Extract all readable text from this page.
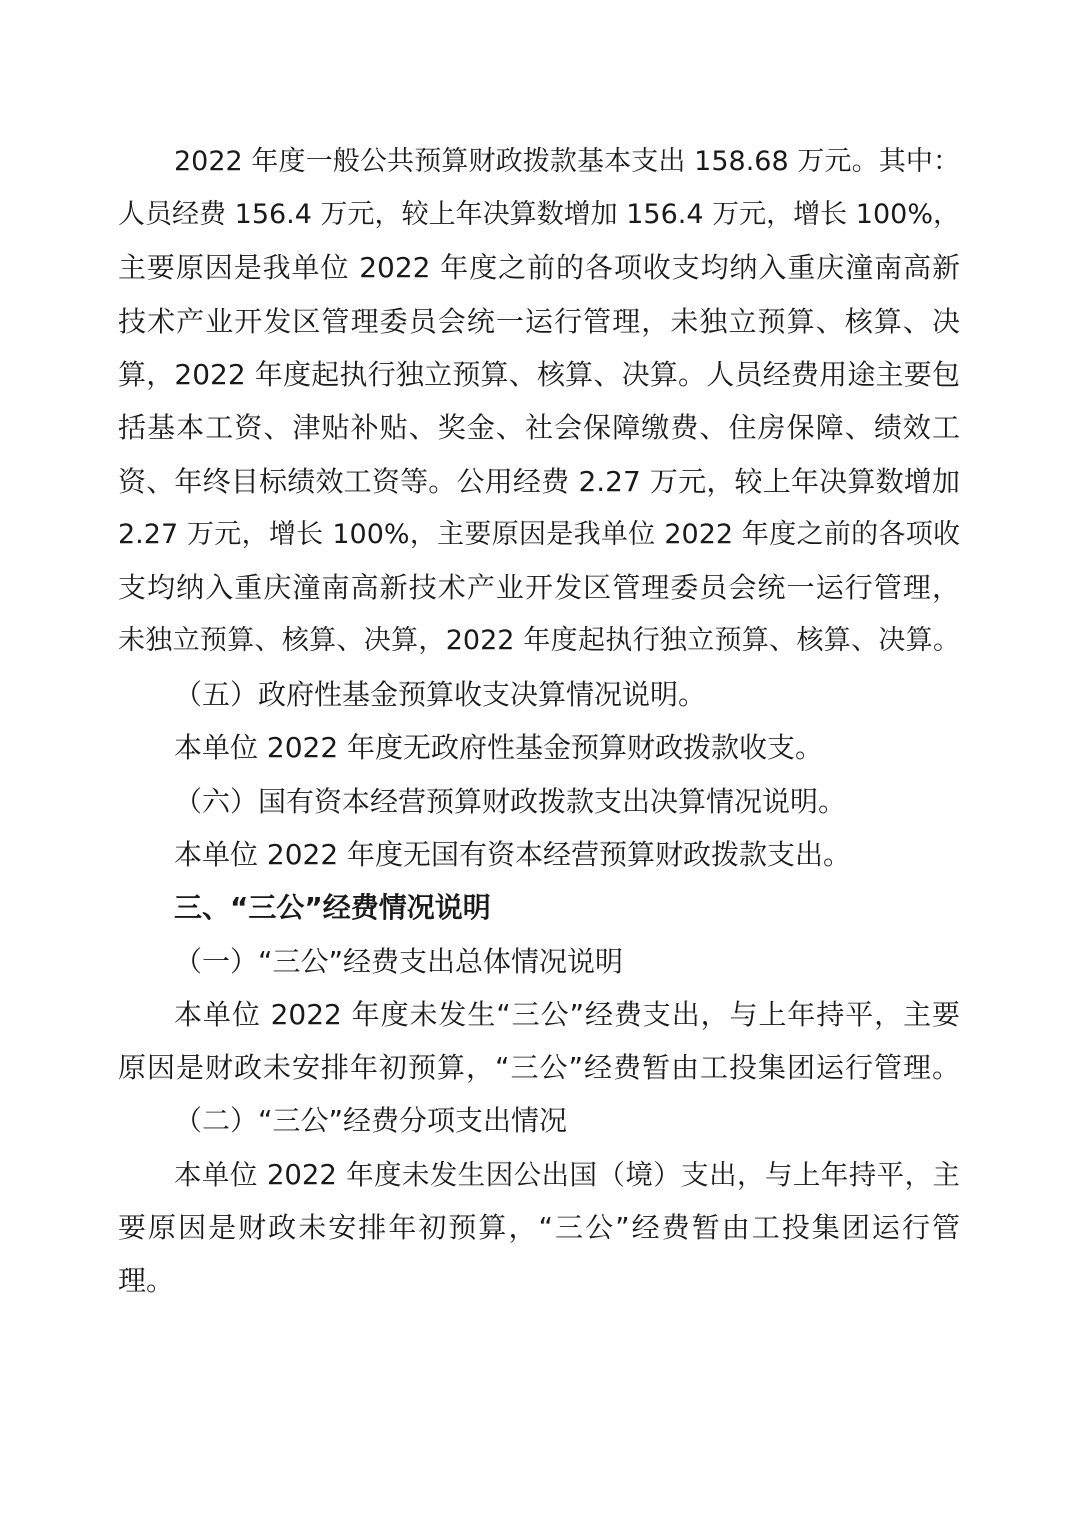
2022 年度一般公共预算财政拨款基本支出 158.68 万元。其中：
人员经费 156.4 万元，较上年决算数增加 156.4 万元，增长 100%，
主要原因是我单位 2022 年度之前的各项收支均纳入重庆潼南高新
技术产业开发区管理委员会统一运行管理，未独立预算、核算、决
算，2022 年度起执行独立预算、核算、决算。人员经费用途主要包
括基本工资、津贴补贴、奖金、社会保障缴费、住房保障、绩效工
资、年终目标绩效工资等。公用经费 2.27 万元，较上年决算数增加
2.27 万元，增长 100%，主要原因是我单位 2022 年度之前的各项收
支均纳入重庆潼南高新技术产业开发区管理委员会统一运行管理，
未独立预算、核算、决算，2022 年度起执行独立预算、核算、决算。
（五）政府性基金预算收支决算情况说明。
本单位 2022 年度无政府性基金预算财政拨款收支。
（六）国有资本经营预算财政拨款支出决算情况说明。
本单位 2022 年度无国有资本经营预算财政拨款支出。
三、“三公”经费情况说明
（一）“三公”经费支出总体情况说明
本单位 2022 年度未发生“三公”经费支出，与上年持平，主要
原因是财政未安排年初预算，“三公”经费暂由工投集团运行管理。
（二）“三公”经费分项支出情况
本单位 2022 年度未发生因公出国（境）支出，与上年持平，主
要原因是财政未安排年初预算，“三公”经费暂由工投集团运行管
理。
